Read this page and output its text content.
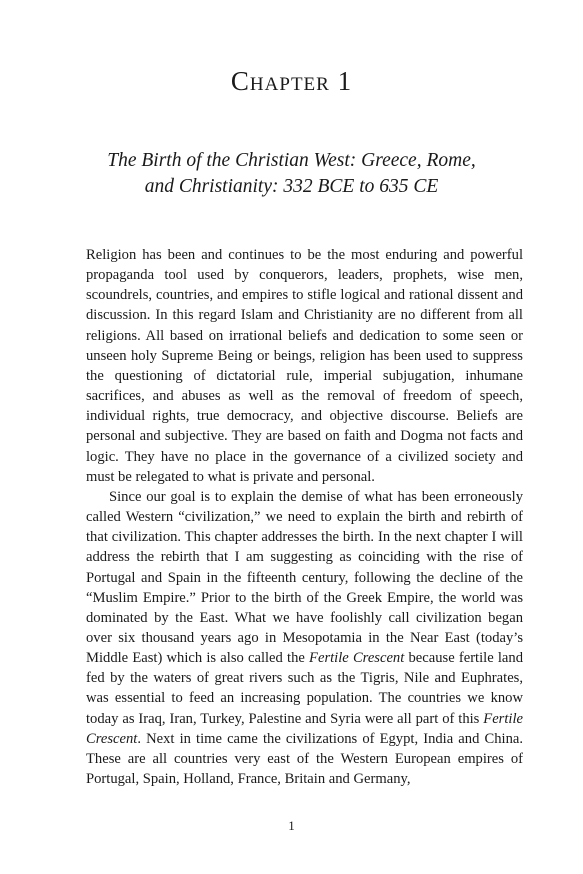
Chapter 1
The Birth of the Christian West: Greece, Rome,
and Christianity: 332 BCE to 635 CE

Religion has been and continues to be the most enduring and powerful propaganda tool used by conquerors, leaders, prophets, wise men, scoundrels, countries, and empires to stifle logical and rational dissent and discussion. In this regard Islam and Christianity are no different from all religions. All based on irrational beliefs and dedication to some seen or unseen holy Supreme Being or beings, religion has been used to suppress the questioning of dictatorial rule, imperial subjugation, inhumane sacrifices, and abuses as well as the removal of freedom of speech, individual rights, true democracy, and objective discourse. Beliefs are personal and subjective. They are based on faith and Dogma not facts and logic. They have no place in the governance of a civilized society and must be relegated to what is private and personal.

Since our goal is to explain the demise of what has been erroneously called Western “civilization,” we need to explain the birth and rebirth of that civilization. This chapter addresses the birth. In the next chapter I will address the rebirth that I am suggesting as coinciding with the rise of Portugal and Spain in the fifteenth century, following the decline of the “Muslim Empire.” Prior to the birth of the Greek Empire, the world was dominated by the East. What we have foolishly call civilization began over six thousand years ago in Mesopotamia in the Near East (today’s Middle East) which is also called the Fertile Crescent because fertile land fed by the waters of great rivers such as the Tigris, Nile and Euphrates, was essential to feed an increasing population. The countries we know today as Iraq, Iran, Turkey, Palestine and Syria were all part of this Fertile Crescent. Next in time came the civilizations of Egypt, India and China. These are all countries very east of the Western European empires of Portugal, Spain, Holland, France, Britain and Germany,

1
